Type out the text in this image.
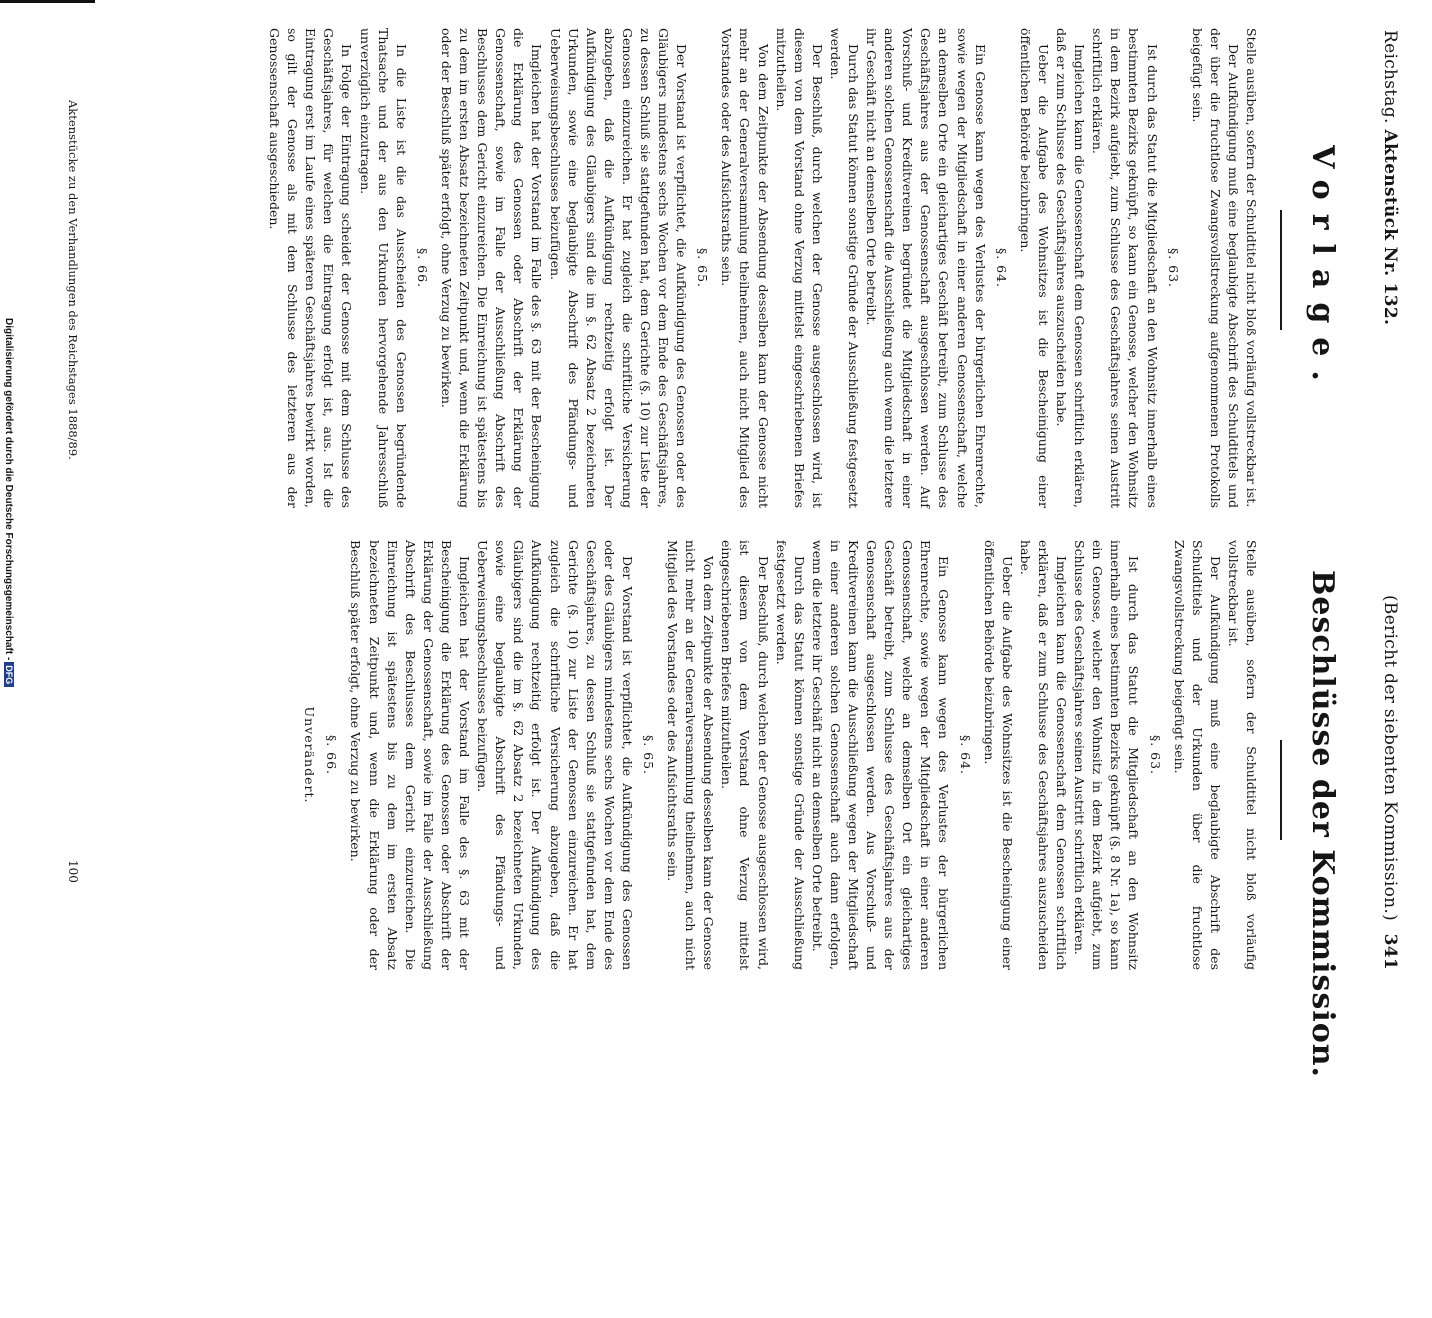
Reichstag. Aktenstück Nr. 132.
(Bericht der siebenten Kommission.)
341
Vorlage.
Beschlüsse der Kommission.

Stelle ausüben, sofern der Schuldtitel nicht bloß vorläufig vollstreckbar ist.

Der Aufkündigung muß eine beglaubigte Abschrift des Schuldtitels und der über die fruchtlose Zwangsvollstreckung aufgenommenen Protokolls beigefügt sein.

§. 63.

Ist durch das Statut die Mitgliedschaft an den Wohnsitz innerhalb eines bestimmten Bezirks geknüpft, so kann ein Genosse, welcher den Wohnsitz in dem Bezirk aufgiebt, zum Schlusse des Geschäftsjahres seinen Austritt schriftlich erklären.

Imgleichen kann die Genossenschaft dem Genossen schriftlich erklären, daß er zum Schlusse des Geschäftsjahres auszuscheiden habe.

Ueber die Aufgabe des Wohnsitzes ist die Bescheinigung einer öffentlichen Behörde beizubringen.

§. 64.

Ein Genosse kann wegen des Verlustes der bürgerlichen Ehrenrechte, sowie wegen der Mitgliedschaft in einer anderen Genossenschaft, welche an demselben Orte ein gleichartiges Geschäft betreibt, zum Schlusse des Geschäftsjahres aus der Genossenschaft ausgeschlossen werden. Auf Vorschuß- und Kreditvereinen begründet die Mitgliedschaft in einer anderen solchen Genossenschaft die Ausschließung auch wenn die letztere ihr Geschäft nicht an demselben Orte betreibt.

Durch das Statut können sonstige Gründe der Ausschließung festgesetzt werden.

Der Beschluß, durch welchen der Genosse ausgeschlossen wird, ist diesem von dem Vorstand ohne Verzug mittelst eingeschriebenen Briefes mitzutheilen.

Von dem Zeitpunkte der Absendung desselben kann der Genosse nicht mehr an der Generalversammlung theilnehmen, auch nicht Mitglied des Vorstandes oder des Aufsichtsraths sein.

§. 65.

Der Vorstand ist verpflichtet, die Aufkündigung des Genossen oder des Gläubigers mindestens sechs Wochen vor dem Ende des Geschäftsjahres, zu dessen Schluß sie stattgefunden hat, dem Gerichte (§. 10) zur Liste der Genossen einzureichen. Er hat zugleich die schriftliche Versicherung abzugeben, daß die Aufkündigung rechtzeitig erfolgt ist. Der Aufkündigung des Gläubigers sind die im §. 62 Absatz 2 bezeichneten Urkunden, sowie eine beglaubigte Abschrift des Pfändungs- und Ueberweisungsbeschlusses beizufügen.

Imgleichen hat der Vorstand im Falle des §. 63 mit der Bescheinigung die Erklärung des Genossen oder Abschrift der Erklärung der Genossenschaft, sowie im Falle der Ausschließung Abschrift des Beschlusses dem Gericht einzureichen. Die Einreichung ist spätestens bis zu dem im ersten Absatz bezeichneten Zeitpunkt und, wenn die Erklärung oder der Beschluß später erfolgt, ohne Verzug zu bewirken.

§. 66.

In die Liste ist die das Ausscheiden des Genossen begründende Thatsache und der aus den Urkunden hervorgehende Jahresschluß unverzüglich einzutragen.

In Folge der Eintragung scheidet der Genosse mit dem Schlusse des Geschäftsjahres, für welchen die Eintragung erfolgt ist, aus. Ist die Eintragung erst im Laufe eines späteren Geschäftsjahres bewirkt worden, so gilt der Genosse als mit dem Schlusse des letzteren aus der Genossenschaft ausgeschieden.

Stelle ausüben, sofern der Schuldtitel nicht bloß vorläufig vollstreckbar ist.

Der Aufkündigung muß eine beglaubigte Abschrift des Schuldtitels und der Urkunden über die fruchtlose Zwangsvollstreckung beigefügt sein.

§. 63.

Ist durch das Statut die Mitgliedschaft an den Wohnsitz innerhalb eines bestimmten Bezirks geknüpft (§. 8 Nr. 1a), so kann ein Genosse, welcher den Wohnsitz in dem Bezirk aufgiebt, zum Schlusse des Geschäftsjahres seinen Austritt schriftlich erklären.

Imgleichen kann die Genossenschaft dem Genossen schriftlich erklären, daß er zum Schlusse des Geschäftsjahres auszuscheiden habe.

Ueber die Aufgabe des Wohnsitzes ist die Bescheinigung einer öffentlichen Behörde beizubringen.

§. 64.

Ein Genosse kann wegen des Verlustes der bürgerlichen Ehrenrechte, sowie wegen der Mitgliedschaft in einer anderen Genossenschaft, welche an demselben Ort ein gleichartiges Geschäft betreibt, zum Schlusse des Geschäftsjahres aus der Genossenschaft ausgeschlossen werden. Aus Vorschuß- und Kreditvereinen kann die Ausschließung wegen der Mitgliedschaft in einer anderen solchen Genossenschaft auch dann erfolgen, wenn die letztere ihr Geschäft nicht an demselben Orte betreibt.

Durch das Statut können sonstige Gründe der Ausschließung festgesetzt werden.

Der Beschluß, durch welchen der Genosse ausgeschlossen wird, ist diesem von dem Vorstand ohne Verzug mittelst eingeschriebenen Briefes mitzutheilen.

Von dem Zeitpunkte der Absendung desselben kann der Genosse nicht mehr an der Generalversammlung theilnehmen, auch nicht Mitglied des Vorstandes oder des Aufsichtsraths sein.

§. 65.

Der Vorstand ist verpflichtet, die Aufkündigung des Genossen oder des Gläubigers mindestens sechs Wochen vor dem Ende des Geschäftsjahres, zu dessen Schluß sie stattgefunden hat, dem Gerichte (§. 10) zur Liste der Genossen einzureichen. Er hat zugleich die schriftliche Versicherung abzugeben, daß die Aufkündigung rechtzeitig erfolgt ist. Der Aufkündigung des Gläubigers sind die im §. 62 Absatz 2 bezeichneten Urkunden, sowie eine beglaubigte Abschrift des Pfändungs- und Ueberweisungsbeschlusses beizufügen.

Imgleichen hat der Vorstand im Falle des §. 63 mit der Bescheinigung die Erklärung des Genossen oder Abschrift der Erklärung der Genossenschaft, sowie im Falle der Ausschließung Abschrift des Beschlusses dem Gericht einzureichen. Die Einreichung ist spätestens bis zu dem im ersten Absatz bezeichneten Zeitpunkt und, wenn die Erklärung oder der Beschluß später erfolgt, ohne Verzug zu bewirken.

§. 66.
Unverändert.
Aktenstücke zu den Verhandlungen des Reichstages 1888/89.
100
Digitalisierung gefördert durch die Deutsche Forschungsgemeinschaft -DFG
